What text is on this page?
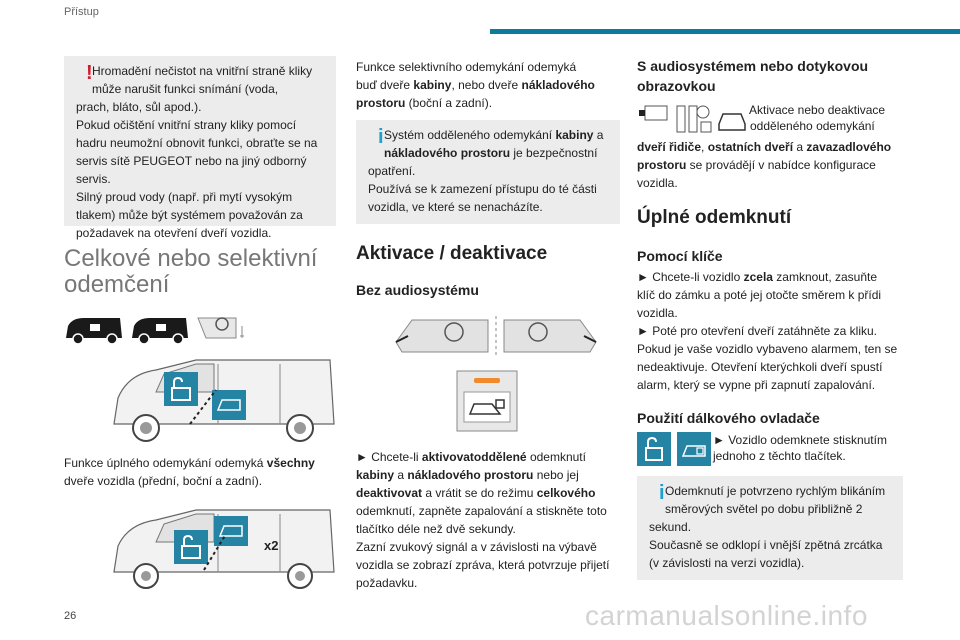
Přístup
! Hromadění nečistot na vnitřní straně kliky
může narušit funkci snímání (voda,
prach, bláto, sůl apod.).
Pokud očištění vnitřní strany kliky pomocí
hadru neumožní obnovit funkci, obraťte se na
servis sítě PEUGEOT nebo na jiný odborný
servis.
Silný proud vody (např. při mytí vysokým
tlakem) může být systémem považován za
požadavek na otevření dveří vozidla.
Celkové nebo selektivní
odemčení

Funkce úplného odemykání odemyká všechny
dveře vozidla (přední, boční a zadní).

x2

Funkce selektivního odemykání odemyká
buď dveře kabiny, nebo dveře nákladového
prostoru (boční a zadní).

i Systém odděleného odemykání kabiny a
nákladového prostoru je bezpečnostní
opatření.
Používá se k zamezení přístupu do té části
vozidla, ve které se nenacházíte.
Aktivace / deaktivace
Bez audiosystému

► Chcete-li aktivovatoddělené odemknutí
kabiny a nákladového prostoru nebo jej
deaktivovat a vrátit se do režimu celkového
odemknutí, zapněte zapalování a stiskněte toto
tlačítko déle než dvě sekundy.
Zazní zvukový signál a v závislosti na výbavě
vozidla se zobrazí zpráva, která potvrzuje přijetí
požadavku.

S audiosystémem nebo dotykovou
obrazovkou
Aktivace nebo deaktivace
odděleného odemykání

dveří řidiče, ostatních dveří a zavazadlového
prostoru se provádějí v nabídce konfigurace
vozidla.

Úplné odemknutí
Pomocí klíče

► Chcete-li vozidlo zcela zamknout, zasuňte
klíč do zámku a poté jej otočte směrem k přídi
vozidla.
► Poté pro otevření dveří zatáhněte za kliku.
Pokud je vaše vozidlo vybaveno alarmem, ten se
nedeaktivuje. Otevření kterýchkoli dveří spustí
alarm, který se vypne při zapnutí zapalování.

Použití dálkového ovladače

► Vozidlo odemknete stisknutím
jednoho z těchto tlačítek.
i Odemknutí je potvrzeno rychlým blikáním
směrových světel po dobu přibližně 2
sekund.
Současně se odklopí i vnější zpětná zrcátka
(v závislosti na verzi vozidla).
26	carmanualsonline.info
